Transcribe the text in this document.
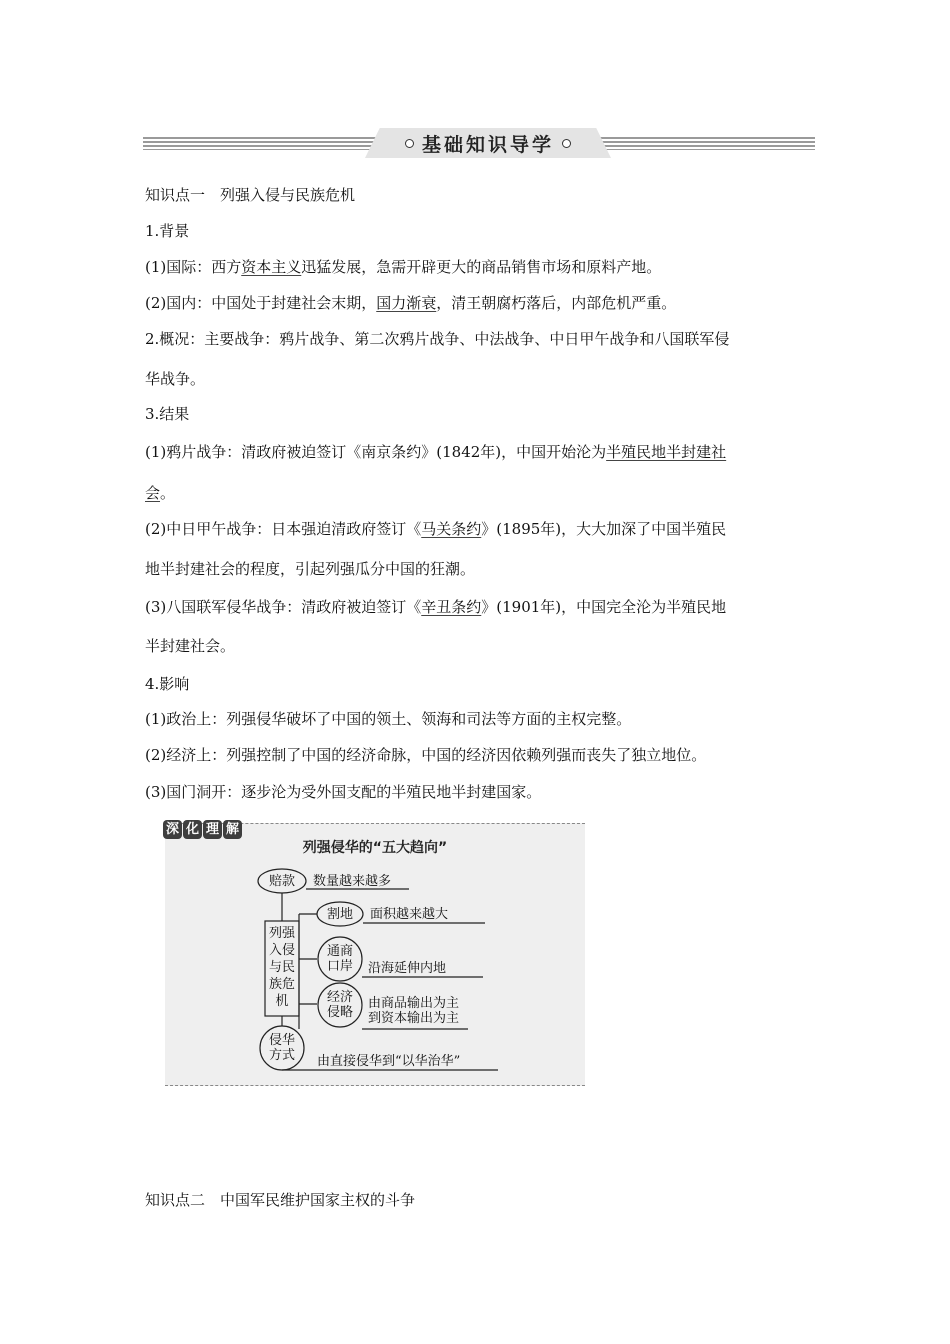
基础知识导学
知识点一　列强入侵与民族危机
1.背景
(1)国际：西方资本主义迅猛发展，急需开辟更大的商品销售市场和原料产地。
(2)国内：中国处于封建社会末期，国力渐衰，清王朝腐朽落后，内部危机严重。
2.概况：主要战争：鸦片战争、第二次鸦片战争、中法战争、中日甲午战争和八国联军侵
华战争。
3.结果
(1)鸦片战争：清政府被迫签订《南京条约》(1842年)，中国开始沦为半殖民地半封建社
会。
(2)中日甲午战争：日本强迫清政府签订《马关条约》(1895年)，大大加深了中国半殖民
地半封建社会的程度，引起列强瓜分中国的狂潮。
(3)八国联军侵华战争：清政府被迫签订《辛丑条约》(1901年)，中国完全沦为半殖民地
半封建社会。
4.影响
(1)政治上：列强侵华破坏了中国的领土、领海和司法等方面的主权完整。
(2)经济上：列强控制了中国的经济命脉，中国的经济因依赖列强而丧失了独立地位。
(3)国门洞开：逐步沦为受外国支配的半殖民地半封建国家。
深 化 理 解
列强侵华的“五大趋向”
列强
入侵
与民
族危
机
赔款	数量越来越多
割地	面积越来越大
通商
口岸	沿海延伸内地
经济
侵略
由商品输出为主
到资本输出为主
侵华
方式	由直接侵华到“以华治华”
知识点二　中国军民维护国家主权的斗争
